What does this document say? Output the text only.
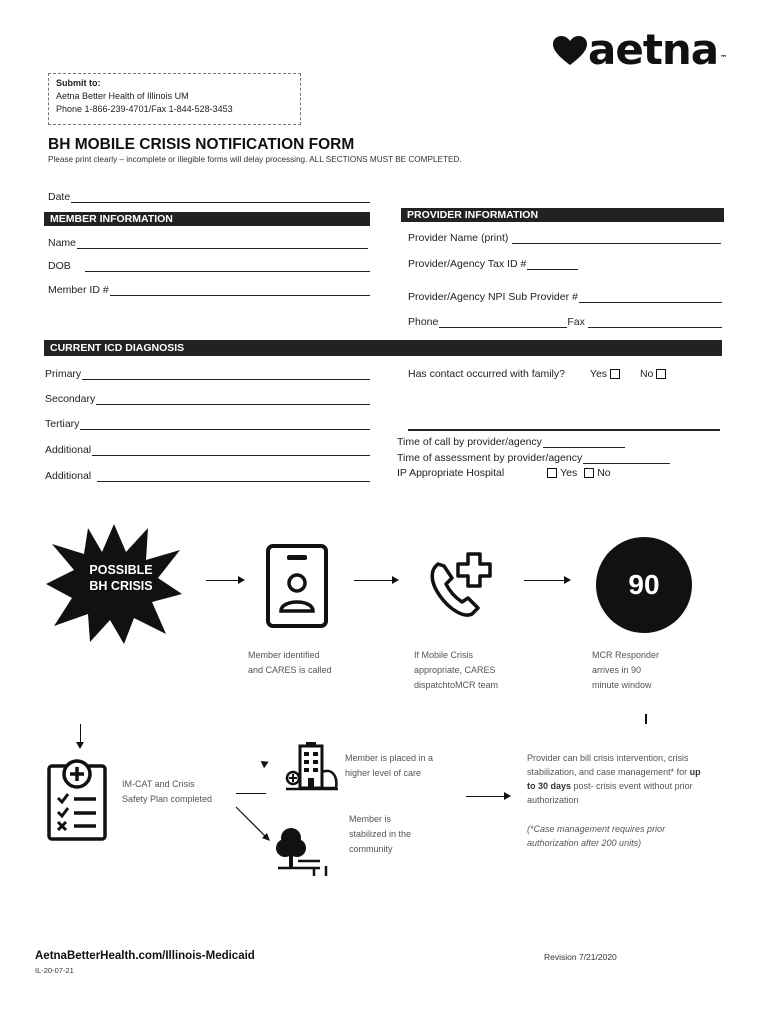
aetna ™
Submit to:
Aetna Better Health of Illinois UM
Phone 1-866-239-4701/Fax 1-844-528-3453
BH MOBILE CRISIS NOTIFICATION FORM
Please print clearly – incomplete or illegible forms will delay processing. ALL SECTIONS MUST BE COMPLETED.
Date
MEMBER INFORMATION
Name
DOB
Member ID #
PROVIDER INFORMATION
Provider Name (print)
Provider/Agency Tax ID #
Provider/Agency NPI Sub Provider #
Phone	Fax
CURRENT ICD DIAGNOSIS
Primary
Secondary
Tertiary
Additional
Additional
Has contact occurred with family? Yes	No
Time of call by provider/agency
Time of assessment by provider/agency
IP Appropriate Hospital	Yes No
POSSIBLE
BH CRISIS	90
Member identified
and CARES is called
If Mobile Crisis
appropriate, CARES
dispatchtoMCR team
MCR Responder
arrives in 90
minute window
IM-CAT and Crisis
Safety Plan completed
Member is placed in a
higher level of care
Member is
stabilized in the
community
Provider can bill crisis intervention, crisis
stabilization, and case management* for up
to 30 days post- crisis event without prior
authorization
(*Case management requires prior
authorization after 200 units)
AetnaBetterHealth.com/Illinois-Medicaid
IL-20-07-21
Revision 7/21/2020
